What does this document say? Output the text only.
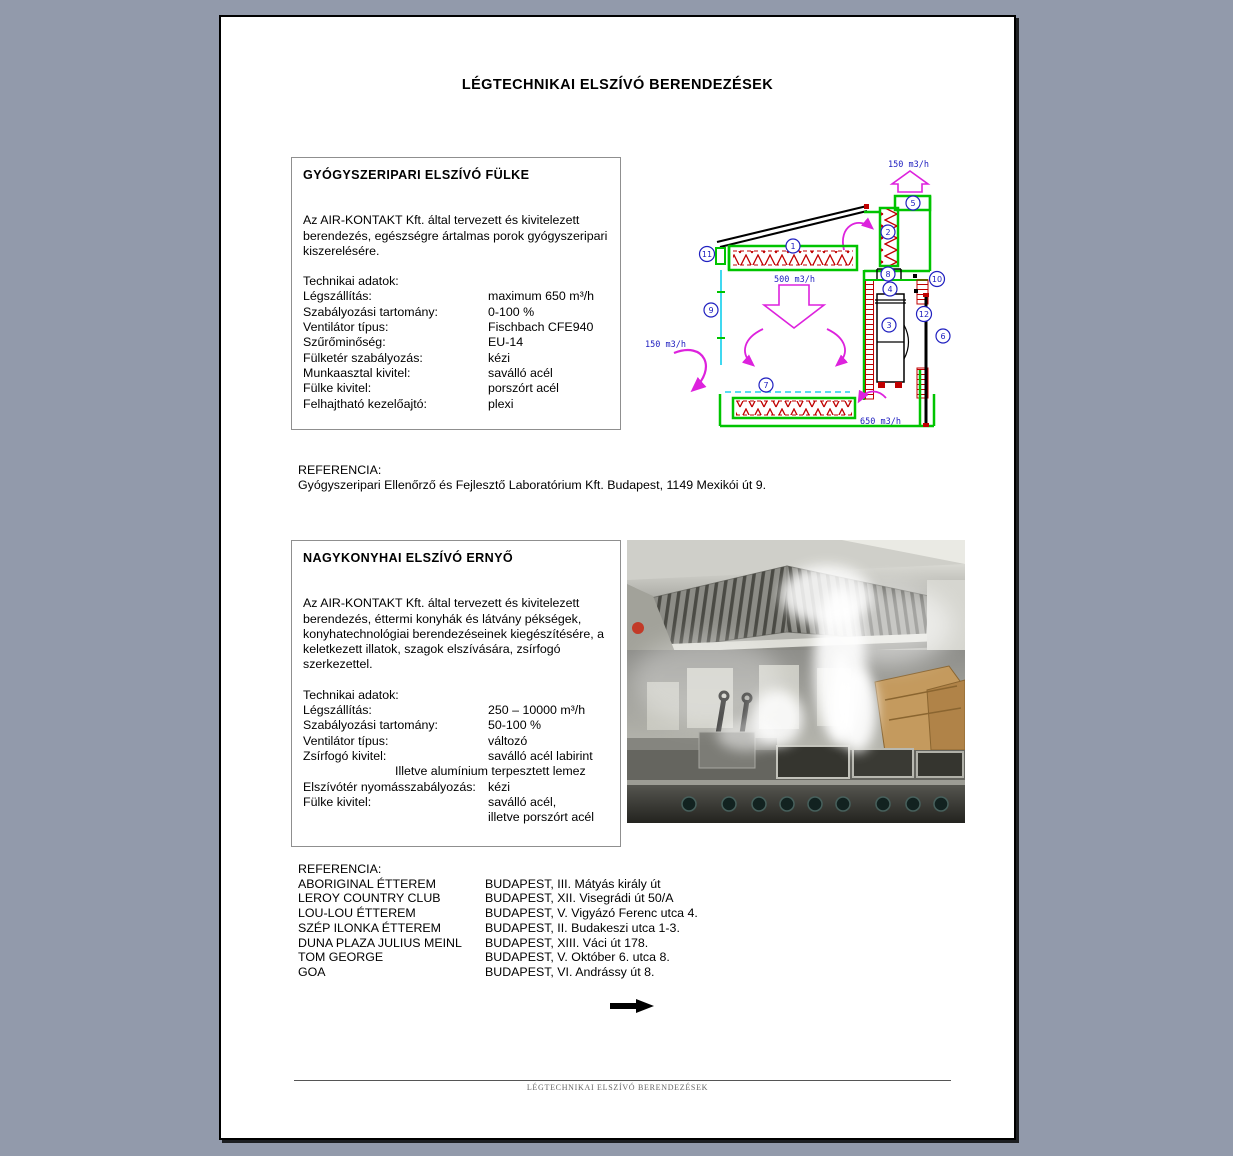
LÉGTECHNIKAI ELSZÍVÓ BERENDEZÉSEK
GYÓGYSZERIPARI ELSZÍVÓ FÜLKE
Az AIR-KONTAKT Kft. által tervezett és kivitelezett berendezés, egészségre ártalmas porok gyógyszeripari kiszerelésére.
Technikai adatok:
Légszállítás:	maximum 650 m³/h
Szabályozási tartomány:	0-100 %
Ventilátor típus:	Fischbach CFE940
Szűrőminőség:	EU-14
Fülketér szabályozás:	kézi
Munkaasztal kivitel:	saválló acél
Fülke kivitel:	porszórt acél
Felhajtható kezelőajtó:	plexi
150 m3/h
500 m3/h
150 m3/h
650 m3/h
1
2
3
4
5
6
7
8
9
10
11
12
REFERENCIA:
Gyógyszeripari Ellenőrző és Fejlesztő Laboratórium Kft. Budapest, 1149 Mexikói út 9.
NAGYKONYHAI ELSZÍVÓ ERNYŐ
Az AIR-KONTAKT Kft. által tervezett és kivitelezett berendezés, éttermi konyhák és látvány pékségek, konyhatechnológiai berendezéseinek kiegészítésére, a keletkezett illatok, szagok elszívására, zsírfogó szerkezettel.
Technikai adatok:
Légszállítás:	250 – 10000 m³/h
Szabályozási tartomány:	50-100 %
Ventilátor típus:	változó
Zsírfogó kivitel:	saválló acél labirint
Illetve alumínium terpesztett lemez
Elszívótér nyomásszabályozás: kézi
Fülke kivitel:	saválló acél,
illetve porszórt acél
REFERENCIA:
ABORIGINAL ÉTTEREM	BUDAPEST, III. Mátyás király út
LEROY COUNTRY CLUB	BUDAPEST, XII. Visegrádi út 50/A
LOU-LOU ÉTTEREM	BUDAPEST, V. Vigyázó Ferenc utca 4.
SZÉP ILONKA ÉTTEREM	BUDAPEST, II. Budakeszi utca 1-3.
DUNA PLAZA JULIUS MEINL	BUDAPEST, XIII. Váci út 178.
TOM GEORGE	BUDAPEST, V. Október 6. utca 8.
GOA	BUDAPEST, VI. Andrássy út 8.
LÉGTECHNIKAI ELSZÍVÓ BERENDEZÉSEK
